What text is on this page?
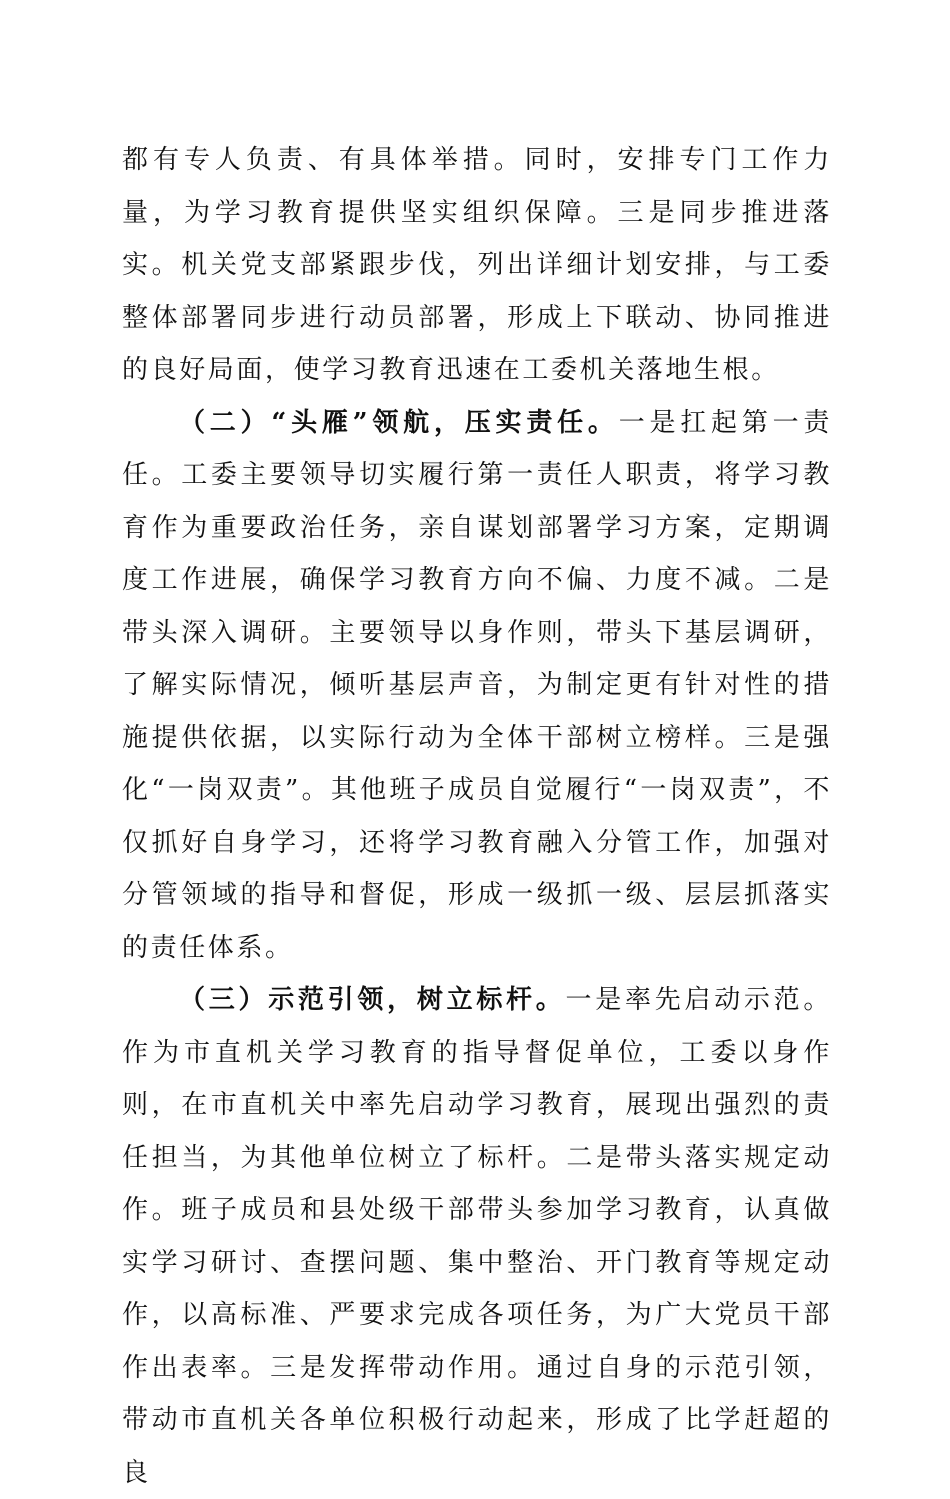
都有专人负责、有具体举措。同时，安排专门工作力量，为学习教育提供坚实组织保障。三是同步推进落实。机关党支部紧跟步伐，列出详细计划安排，与工委整体部署同步进行动员部署，形成上下联动、协同推进的良好局面，使学习教育迅速在工委机关落地生根。

（二）“头雁”领航，压实责任。一是扛起第一责任。工委主要领导切实履行第一责任人职责，将学习教育作为重要政治任务，亲自谋划部署学习方案，定期调度工作进展，确保学习教育方向不偏、力度不减。二是带头深入调研。主要领导以身作则，带头下基层调研，了解实际情况，倾听基层声音，为制定更有针对性的措施提供依据，以实际行动为全体干部树立榜样。三是强化“一岗双责”。其他班子成员自觉履行“一岗双责”，不仅抓好自身学习，还将学习教育融入分管工作，加强对分管领域的指导和督促，形成一级抓一级、层层抓落实的责任体系。

（三）示范引领，树立标杆。一是率先启动示范。作为市直机关学习教育的指导督促单位，工委以身作则，在市直机关中率先启动学习教育，展现出强烈的责任担当，为其他单位树立了标杆。二是带头落实规定动作。班子成员和县处级干部带头参加学习教育，认真做实学习研讨、查摆问题、集中整治、开门教育等规定动作，以高标准、严要求完成各项任务，为广大党员干部作出表率。三是发挥带动作用。通过自身的示范引领，带动市直机关各单位积极行动起来，形成了比学赶超的良
